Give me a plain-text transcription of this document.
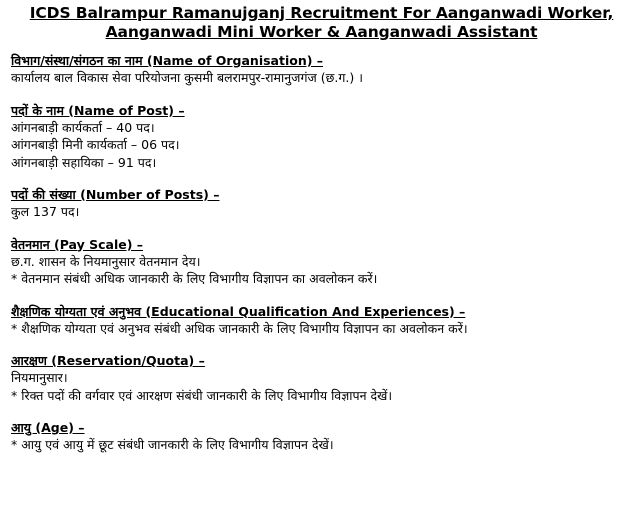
ICDS Balrampur Ramanujganj Recruitment For Aanganwadi Worker, Aanganwadi Mini Worker & Aanganwadi Assistant
विभाग/संस्था/संगठन का नाम (Name of Organisation) –
कार्यालय बाल विकास सेवा परियोजना कुसमी बलरामपुर-रामानुजगंज (छ.ग.) ।
पदों के नाम (Name of Post) –
आंगनबाड़ी कार्यकर्ता – 40 पद।
आंगनबाड़ी मिनी कार्यकर्ता – 06 पद।
आंगनबाड़ी सहायिका – 91 पद।
पदों की संख्या (Number of Posts) –
कुल 137 पद।
वेतनमान (Pay Scale) –
छ.ग. शासन के नियमानुसार वेतनमान देय।
* वेतनमान संबंधी अधिक जानकारी के लिए विभागीय विज्ञापन का अवलोकन करें।
शैक्षणिक योग्यता एवं अनुभव (Educational Qualification And Experiences) –
* शैक्षणिक योग्यता एवं अनुभव संबंधी अधिक जानकारी के लिए विभागीय विज्ञापन का अवलोकन करें।
आरक्षण (Reservation/Quota) –
नियमानुसार।
* रिक्त पदों की वर्गवार एवं आरक्षण संबंधी जानकारी के लिए विभागीय विज्ञापन देखें।
आयु (Age) –
* आयु एवं आयु में छूट संबंधी जानकारी के लिए विभागीय विज्ञापन देखें।
